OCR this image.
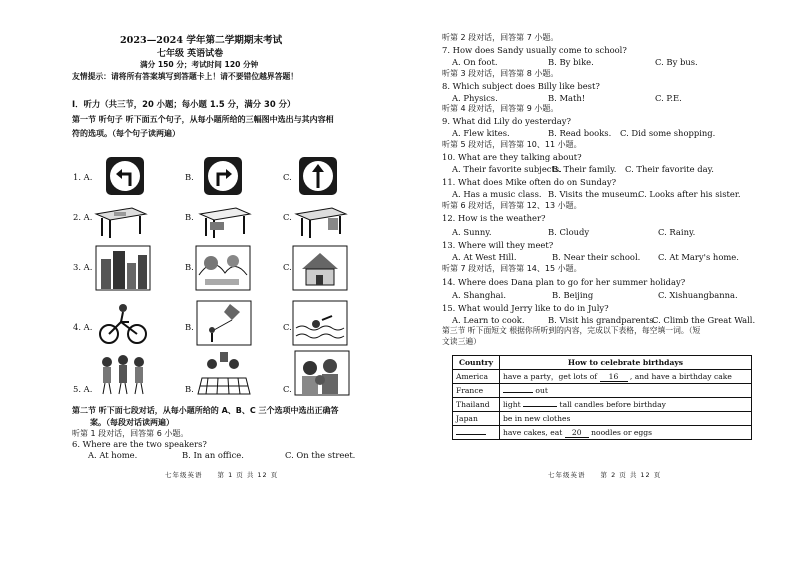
2023—2024 学年第二学期期末考试
七年级 英语试卷
满分 150 分；考试时间 120 分钟
友情提示：请将所有答案填写到答题卡上！请不要错位越界答题！
I．听力（共三节，20 小题；每小题 1.5 分，满分 30 分）
第一节 听句子 听下面五个句子，从每小题所给的三幅图中选出与其内容相
符的选项。（每个句子读两遍）
1. A.	B.	C.
2. A.	B.	C.
3. A.	B.	C.
4. A.	B.	C.
5. A.	B.	C.
第二节 听下面七段对话，从每小题所给的 A、B、C 三个选项中选出正确答
案。（每段对话读两遍）
听第 1 段对话，回答第 6 小题。
6. Where are the two speakers?
A. At home.	B. In an office.	C. On the street.
七年级英语　　第 1 页 共 12 页
听第 2 段对话，回答第 7 小题。
7. How does Sandy usually come to school?
A. On foot.	B. By bike.	C. By bus.
听第 3 段对话，回答第 8 小题。
8. Which subject does Billy like best?
A. Physics.	B. Math!	C. P.E.
听第 4 段对话，回答第 9 小题。
9. What did Lily do yesterday?
A. Flew kites.	B. Read books. C. Did some shopping.
听第 5 段对话，回答第 10、11 小题。
10. What are they talking about?
A. Their favorite subjects.
B. Their family. C. Their favorite day.
11. What does Mike often do on Sunday?
A. Has a music class. B. Visits the museum.
C. Looks after his sister.
听第 6 段对话，回答第 12、13 小题。
12. How is the weather?
A. Sunny.	B. Cloudy	C. Rainy.
13. Where will they meet?
A. At West Hill.	B. Near their school. C. At Mary's home.
听第 7 段对话，回答第 14、15 小题。
14. Where does Dana plan to go for her summer holiday?
A. Shanghai.	B. Beijing	C. Xishuangbanna.
15. What would Jerry like to do in July?
A. Learn to cook.	B. Visit his grandparents.
C. Climb the Great Wall.
第三节 听下面短文 根据你所听到的内容，完成以下表格，每空填一词。（短
文读三遍）
Country	How to celebrate birthdays
America	have a party，get lots of 16 , and have a birthday cake
France	out
Thailand	light tall candles before birthday
Japan	be in new clothes
	have cakes, eat 20 noodles or eggs
七年级英语　　第 2 页 共 12 页
